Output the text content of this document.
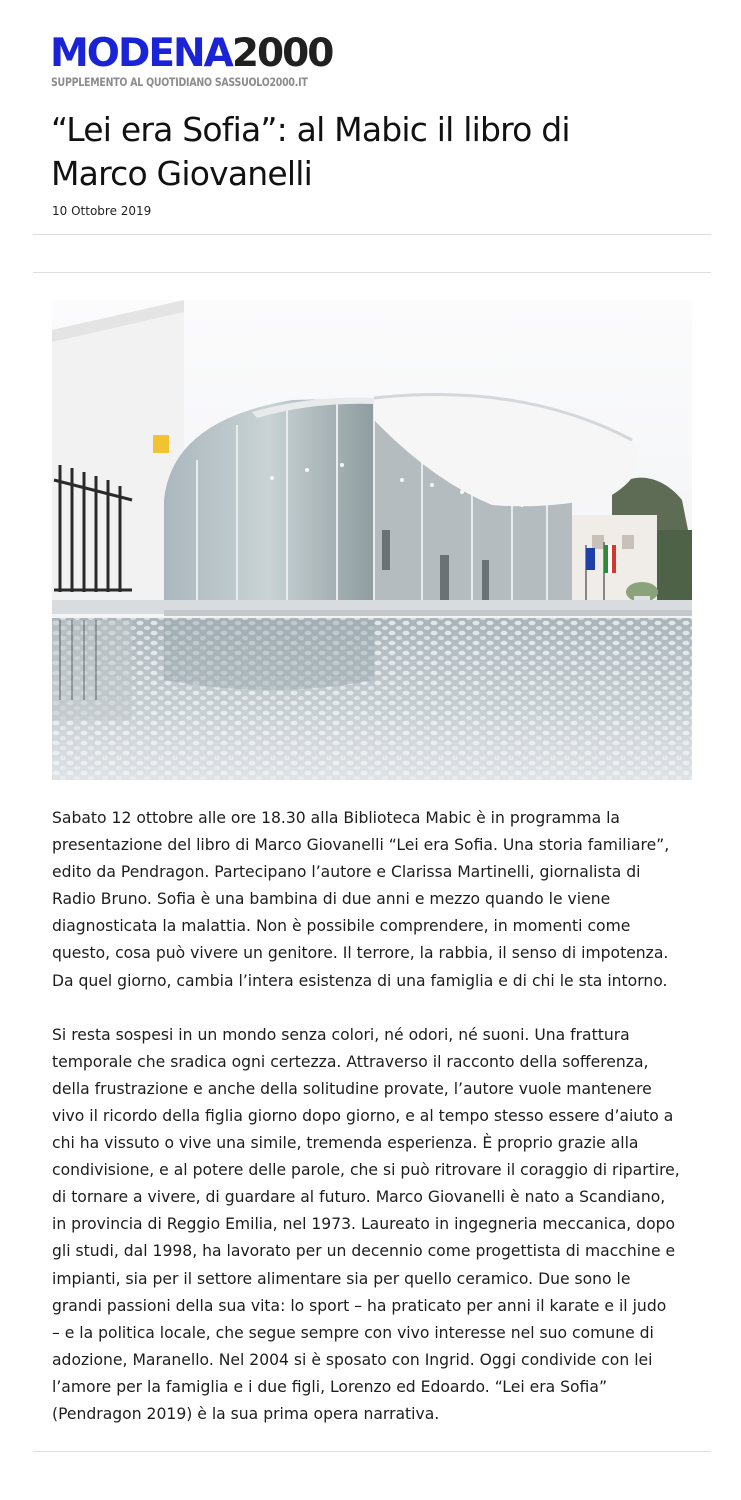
MODENA2000
SUPPLEMENTO AL QUOTIDIANO SASSUOLO2000.IT
“Lei era Sofia”: al Mabic il libro di Marco Giovanelli
10 Ottobre 2019

Sabato 12 ottobre alle ore 18.30 alla Biblioteca Mabic è in programma la
presentazione del libro di Marco Giovanelli “Lei era Sofia. Una storia familiare”,
edito da Pendragon. Partecipano l’autore e Clarissa Martinelli, giornalista di
Radio Bruno. Sofia è una bambina di due anni e mezzo quando le viene
diagnosticata la malattia. Non è possibile comprendere, in momenti come
questo, cosa può vivere un genitore. Il terrore, la rabbia, il senso di impotenza.
Da quel giorno, cambia l’intera esistenza di una famiglia e di chi le sta intorno.

Si resta sospesi in un mondo senza colori, né odori, né suoni. Una frattura
temporale che sradica ogni certezza. Attraverso il racconto della sofferenza,
della frustrazione e anche della solitudine provate, l’autore vuole mantenere
vivo il ricordo della figlia giorno dopo giorno, e al tempo stesso essere d’aiuto a
chi ha vissuto o vive una simile, tremenda esperienza. È proprio grazie alla
condivisione, e al potere delle parole, che si può ritrovare il coraggio di ripartire,
di tornare a vivere, di guardare al futuro. Marco Giovanelli è nato a Scandiano,
in provincia di Reggio Emilia, nel 1973. Laureato in ingegneria meccanica, dopo
gli studi, dal 1998, ha lavorato per un decennio come progettista di macchine e
impianti, sia per il settore alimentare sia per quello ceramico. Due sono le
grandi passioni della sua vita: lo sport – ha praticato per anni il karate e il judo
– e la politica locale, che segue sempre con vivo interesse nel suo comune di
adozione, Maranello. Nel 2004 si è sposato con Ingrid. Oggi condivide con lei
l’amore per la famiglia e i due figli, Lorenzo ed Edoardo. “Lei era Sofia”
(Pendragon 2019) è la sua prima opera narrativa.
